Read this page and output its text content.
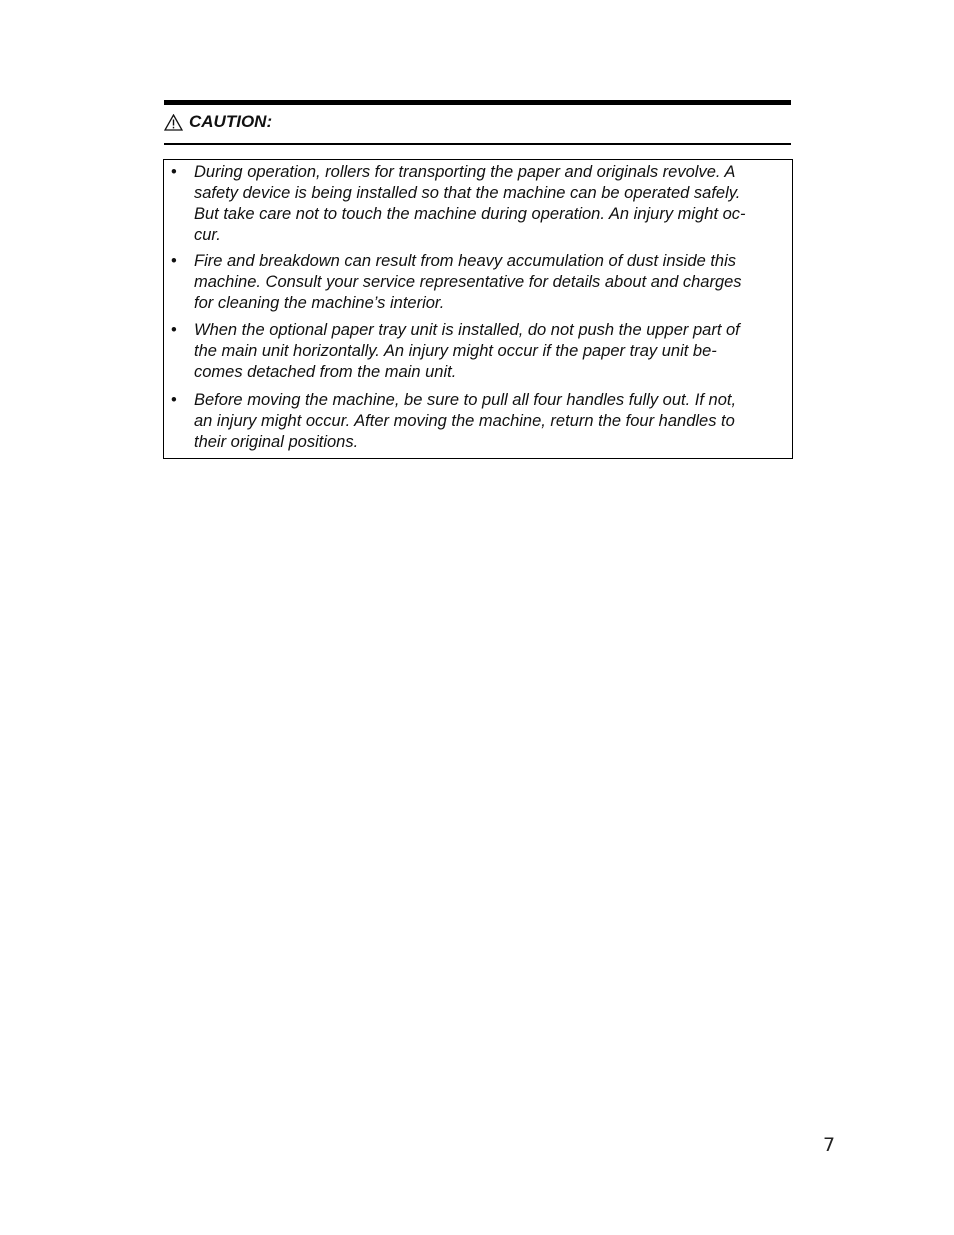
CAUTION:
• During operation, rollers for transporting the paper and originals revolve. A
safety device is being installed so that the machine can be operated safely.
But take care not to touch the machine during operation. An injury might oc-
cur.
• Fire and breakdown can result from heavy accumulation of dust inside this
machine. Consult your service representative for details about and charges
for cleaning the machine’s interior.
• When the optional paper tray unit is installed, do not push the upper part of
the main unit horizontally. An injury might occur if the paper tray unit be-
comes detached from the main unit.
• Before moving the machine, be sure to pull all four handles fully out. If not,
an injury might occur. After moving the machine, return the four handles to
their original positions.
7
